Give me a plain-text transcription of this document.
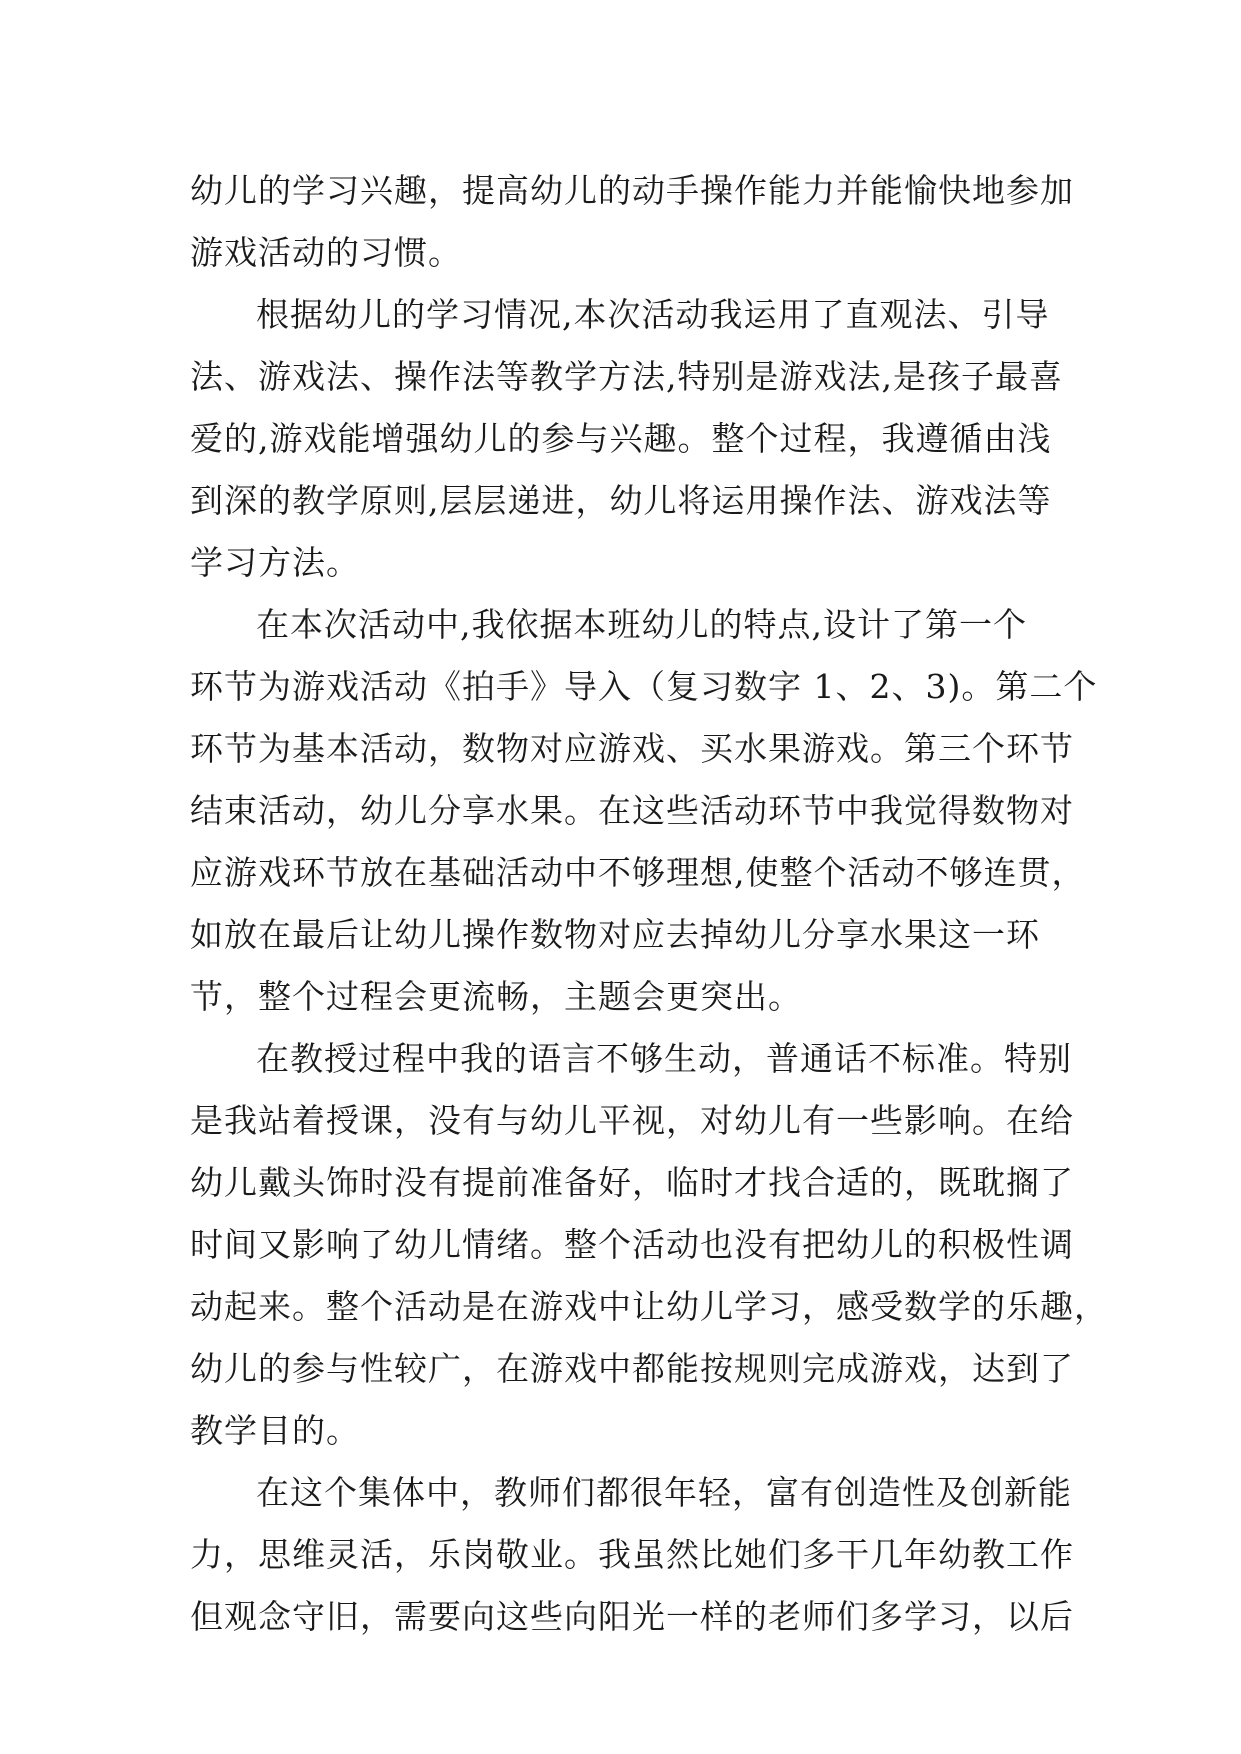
幼儿的学习兴趣，提高幼儿的动手操作能力并能愉快地参加
游戏活动的习惯。
根据幼儿的学习情况,本次活动我运用了直观法、引导
法、游戏法、操作法等教学方法,特别是游戏法,是孩子最喜
爱的,游戏能增强幼儿的参与兴趣。整个过程，我遵循由浅
到深的教学原则,层层递进，幼儿将运用操作法、游戏法等
学习方法。
在本次活动中,我依据本班幼儿的特点,设计了第一个
环节为游戏活动《拍手》导入（复习数字 1、2、3)。第二个
环节为基本活动，数物对应游戏、买水果游戏。第三个环节
结束活动，幼儿分享水果。在这些活动环节中我觉得数物对
应游戏环节放在基础活动中不够理想,使整个活动不够连贯，
如放在最后让幼儿操作数物对应去掉幼儿分享水果这一环
节，整个过程会更流畅，主题会更突出。
在教授过程中我的语言不够生动，普通话不标准。特别
是我站着授课，没有与幼儿平视，对幼儿有一些影响。在给
幼儿戴头饰时没有提前准备好，临时才找合适的，既耽搁了
时间又影响了幼儿情绪。整个活动也没有把幼儿的积极性调
动起来。整个活动是在游戏中让幼儿学习，感受数学的乐趣，
幼儿的参与性较广，在游戏中都能按规则完成游戏，达到了
教学目的。
在这个集体中，教师们都很年轻，富有创造性及创新能
力，思维灵活，乐岗敬业。我虽然比她们多干几年幼教工作
但观念守旧，需要向这些向阳光一样的老师们多学习，以后
